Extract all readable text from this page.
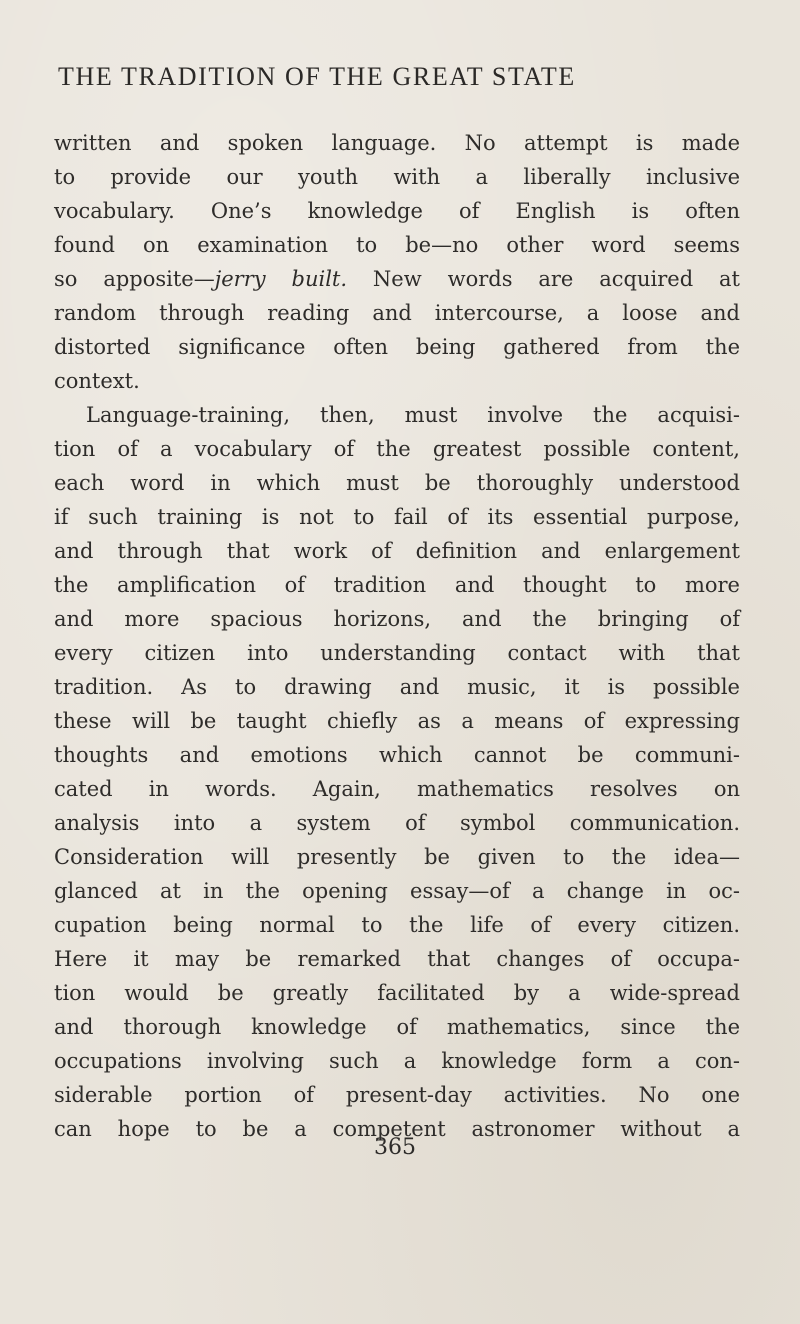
THE TRADITION OF THE GREAT STATE
written and spoken language. No attempt is made
to provide our youth with a liberally inclusive
vocabulary. One’s knowledge of English is often
found on examination to be—no other word seems
so apposite—jerry built. New words are acquired at
random through reading and intercourse, a loose and
distorted significance often being gathered from the
context.
Language-training, then, must involve the acquisi-
tion of a vocabulary of the greatest possible content,
each word in which must be thoroughly understood
if such training is not to fail of its essential purpose,
and through that work of definition and enlargement
the amplification of tradition and thought to more
and more spacious horizons, and the bringing of
every citizen into understanding contact with that
tradition. As to drawing and music, it is possible
these will be taught chiefly as a means of expressing
thoughts and emotions which cannot be communi-
cated in words. Again, mathematics resolves on
analysis into a system of symbol communication.
Consideration will presently be given to the idea—
glanced at in the opening essay—of a change in oc-
cupation being normal to the life of every citizen.
Here it may be remarked that changes of occupa-
tion would be greatly facilitated by a wide-spread
and thorough knowledge of mathematics, since the
occupations involving such a knowledge form a con-
siderable portion of present-day activities. No one
can hope to be a competent astronomer without a

365
